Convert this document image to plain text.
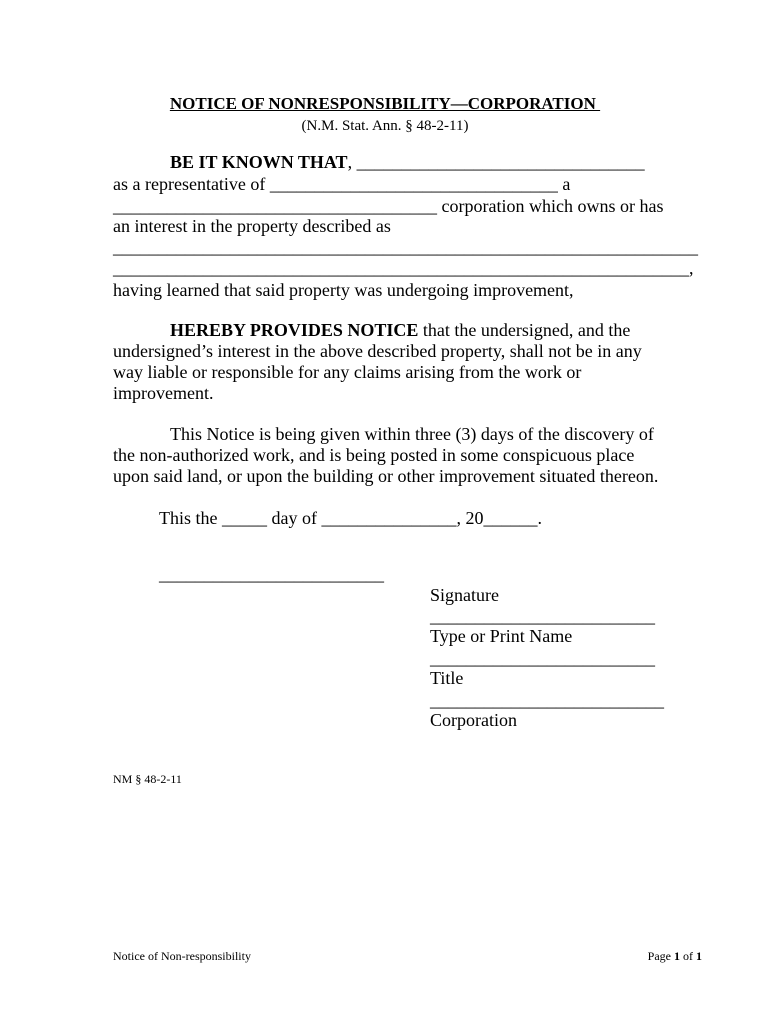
NOTICE OF NONRESPONSIBILITY—CORPORATION
(N.M. Stat. Ann. § 48-2-11)
BE IT KNOWN THAT, ________________________________
as a representative of ________________________________ a
____________________________________ corporation which owns or has
an interest in the property described as
_________________________________________________________________
________________________________________________________________,
having learned that said property was undergoing improvement,
HEREBY PROVIDES NOTICE that the undersigned, and the
undersigned’s interest in the above described property, shall not be in any
way liable or responsible for any claims arising from the work or
improvement.
This Notice is being given within three (3) days of the discovery of
the non-authorized work, and is being posted in some conspicuous place
upon said land, or upon the building or other improvement situated thereon.
This the _____ day of _______________, 20______.
_________________________
Signature
_________________________
Type or Print Name
_________________________
Title
__________________________
Corporation
NM § 48-2-11
Notice of Non-responsibility	Page 1 of 1
